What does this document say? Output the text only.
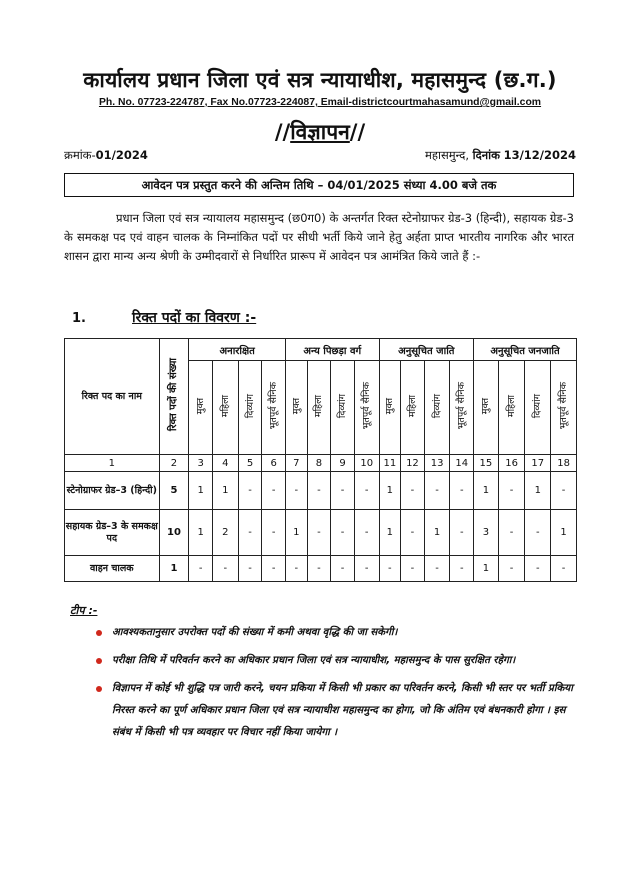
कार्यालय प्रधान जिला एवं सत्र न्यायाधीश, महासमुन्द (छ.ग.)
Ph. No. 07723-224787, Fax No.07723-224087, Email-districtcourtmahasamund@gmail.com
//विज्ञापन//
क्रमांक-01/2024	महासमुन्द, दिनांक 13/12/2024
आवेदन पत्र प्रस्तुत करने की अन्तिम तिथि – 04/01/2025 संध्या 4.00 बजे तक

प्रधान जिला एवं सत्र न्यायालय महासमुन्द (छ0ग0) के अन्तर्गत रिक्त स्टेनोग्राफर ग्रेड-3 (हिन्दी), सहायक ग्रेड-3 के समकक्ष पद एवं वाहन चालक के निम्नांकित पदों पर सीधी भर्ती किये जाने हेतु अर्हता प्राप्त भारतीय नागरिक और भारत शासन द्वारा मान्य अन्य श्रेणी के उम्मीदवारों से निर्धारित प्रारूप में आवेदन पत्र आमंत्रित किये जाते हैं :-

1.	रिक्त पदों का विवरण :-
रिक्त पद का नाम	रिक्त पदों की संख्या	अनारक्षित				अन्य पिछड़ा वर्ग				अनुसूचित जाति				अनुसूचित जनजाति			
		मुक्त	महिला	दिव्यांग	भूतपूर्व सैनिक	मुक्त	महिला	दिव्यांग	भूतपूर्व सैनिक	मुक्त	महिला	दिव्यांग	भूतपूर्व सैनिक	मुक्त	महिला	दिव्यांग	भूतपूर्व सैनिक
1	2	3	4	5	6	7	8	9	10	11	12	13	14	15	16	17	18

स्टेनोग्राफर ग्रेड–3 (हिन्दी)	5	1	1	-	-	-	-	-	-	1	-	-	-	1	-	1	-

सहायक ग्रेड–3 के समकक्ष पद	10	1	2	-	-	1	-	-	-	1	-	1	-	3	-	-	1

वाहन चालक	1	-	-	-	-	-	-	-	-	-	-	-	-	1	-	-	-
टीप :-
आवश्यकतानुसार उपरोक्त पदों की संख्या में कमी अथवा वृद्धि की जा सकेगी।
परीक्षा तिथि में परिवर्तन करने का अधिकार प्रधान जिला एवं सत्र न्यायाधीश, महासमुन्द के पास सुरक्षित रहेगा।
विज्ञापन में कोई भी शुद्धि पत्र जारी करने, चयन प्रकिया में किसी भी प्रकार का परिवर्तन करने, किसी भी स्तर पर भर्ती प्रकिया निरस्त करने का पूर्ण अधिकार प्रधान जिला एवं सत्र न्यायाधीश महासमुन्द का होगा, जो कि अंतिम एवं बंधनकारी होगा । इस संबंध में किसी भी पत्र व्यवहार पर विचार नहीं किया जायेगा ।
